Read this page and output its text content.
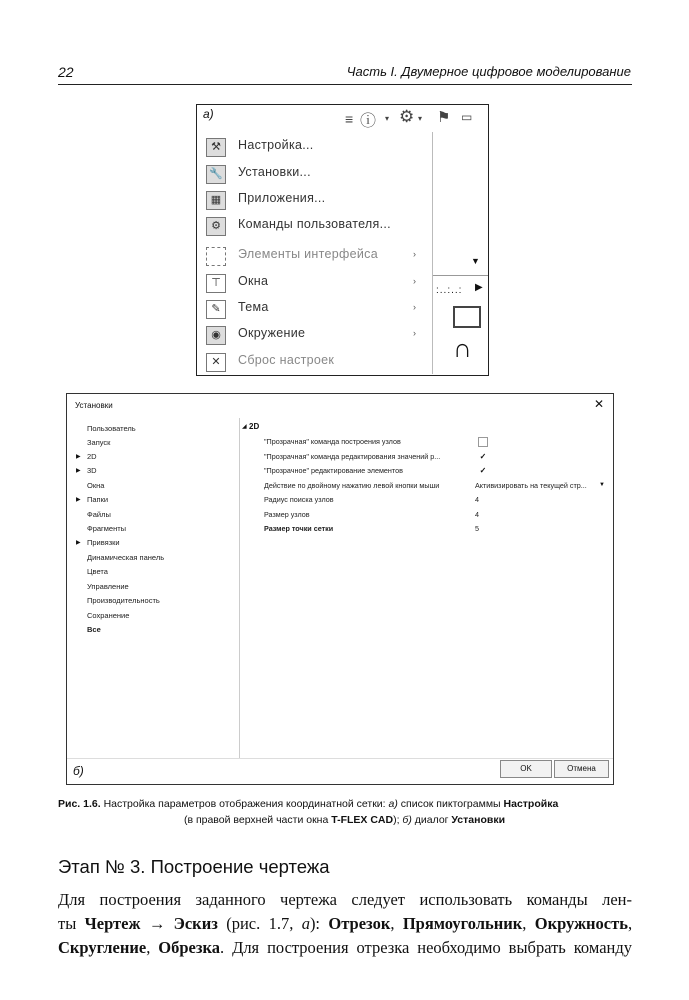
22	Часть I. Двумерное цифровое моделирование
а)	≡ ⓘ ▾ ⚙ ▾ ⚑ ▭
⚒	Настройка...
🔧 Установки...
▦	Приложения...
⚙	Команды пользователя...
Элементы интерфейса	›
⊤	Окна	›
✎	Тема	›
◉	Окружение	›
✕	Сброс настроек
▼
:..:..: ▶
∩
Установки	✕
Пользователь
Запуск
▶ 2D
▶ 3D
Окна
▶ Папки
Файлы
Фрагменты
▶ Привязки
Динамическая панель
Цвета
Управление
Производительность
Сохранение
Все
◢ 2D
"Прозрачная" команда построения узлов
"Прозрачная" команда редактирования значений р...	✓
"Прозрачное" редактирование элементов	✓
Действие по двойному нажатию левой кнопки мыши	Активизировать на текущей стр... ▼
Радиус поиска узлов	4
Размер узлов	4
Размер точки сетки	5
б)	OK	Отмена
Рис. 1.6. Настройка параметров отображения координатной сетки: а) список пиктограммы Настройка
(в правой верхней части окна T-FLEX CAD); б) диалог Установки
Этап № 3. Построение чертежа
Для построения заданного чертежа следует использовать команды лен-
ты Чертеж → Эскиз (рис. 1.7, а): Отрезок, Прямоугольник, Окружность,
Скругление, Обрезка. Для построения отрезка необходимо выбрать команду
